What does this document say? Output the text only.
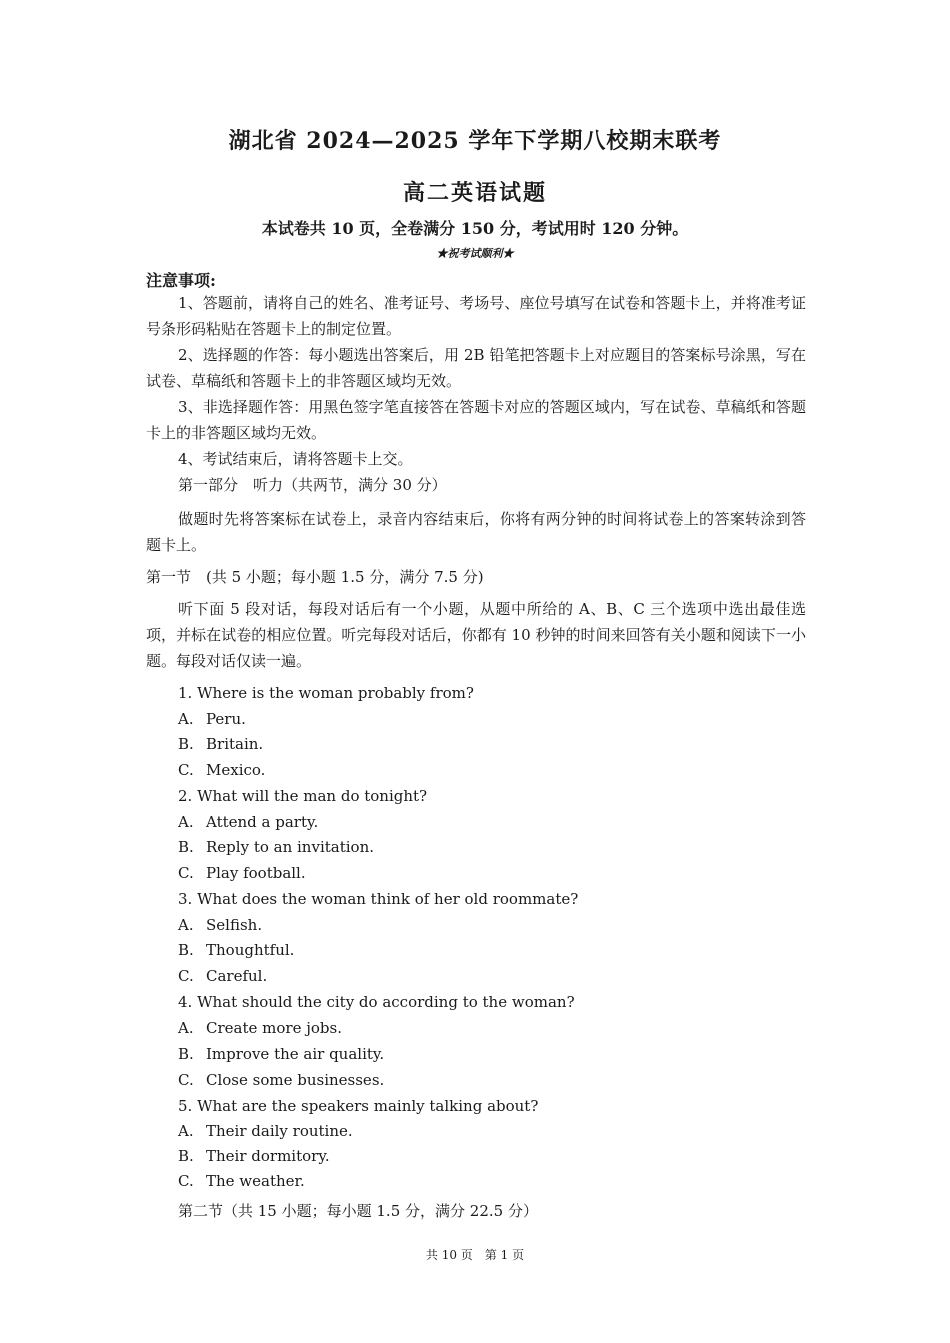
湖北省 2024—2025 学年下学期八校期末联考
高二英语试题
本试卷共 10 页，全卷满分 150 分，考试用时 120 分钟。
★祝考试顺利★
注意事项:
1、答题前，请将自己的姓名、准考证号、考场号、座位号填写在试卷和答题卡上，并将准考证号条形码粘贴在答题卡上的制定位置。
2、选择题的作答：每小题选出答案后，用 2B 铅笔把答题卡上对应题目的答案标号涂黑，写在试卷、草稿纸和答题卡上的非答题区域均无效。
3、非选择题作答：用黑色签字笔直接答在答题卡对应的答题区域内，写在试卷、草稿纸和答题卡上的非答题区域均无效。
4、考试结束后，请将答题卡上交。
第一部分　听力（共两节，满分 30 分）
做题时先将答案标在试卷上，录音内容结束后，你将有两分钟的时间将试卷上的答案转涂到答题卡上。
第一节　(共 5 小题；每小题 1.5 分，满分 7.5 分)
听下面 5 段对话，每段对话后有一个小题，从题中所给的 A、B、C 三个选项中选出最佳选项，并标在试卷的相应位置。听完每段对话后，你都有 10 秒钟的时间来回答有关小题和阅读下一小题。每段对话仅读一遍。
1. Where is the woman probably from?
A. Peru.
B. Britain.
C. Mexico.
2. What will the man do tonight?
A. Attend a party.
B. Reply to an invitation.
C. Play football.
3. What does the woman think of her old roommate?
A. Selfish.
B. Thoughtful.
C. Careful.
4. What should the city do according to the woman?
A. Create more jobs.
B. Improve the air quality.
C. Close some businesses.
5. What are the speakers mainly talking about?
A. Their daily routine.
B. Their dormitory.
C. The weather.
第二节（共 15 小题；每小题 1.5 分，满分 22.5 分）
共 10 页　第 1 页
